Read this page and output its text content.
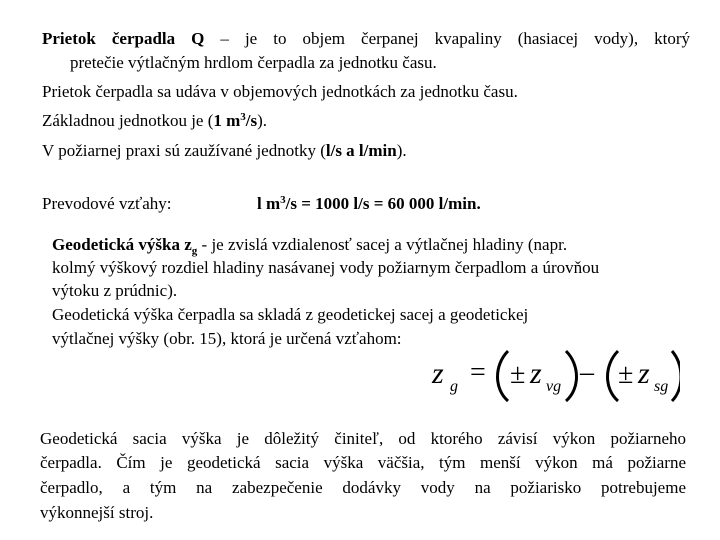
Prietok čerpadla Q – je to objem čerpanej kvapaliny (hasiacej vody), ktorý
pretečie výtlačným hrdlom čerpadla za jednotku času.
Prietok čerpadla sa udáva v objemových jednotkách za jednotku času.
Základnou jednotkou je (1 $m^3/s$).
V požiarnej praxi sú zaužívané jednotky (l/s a l/min).
Prevodové vzťahy:	l $m^3/s = 1000$ l/s = 60 000 l/min.
Geodetická výška $z_g$ - je zvislá vzdialenosť sacej a výtlačnej hladiny (napr.
kolmý výškový rozdiel hladiny nasávanej vody požiarnym čerpadlom a úrovňou
výtoku z prúdnic).
Geodetická výška čerpadla sa skladá z geodetickej sacej a geodetickej
výtlačnej výšky (obr. 15), ktorá je určená vzťahom:
z g = ± z vg – ± z sg
Geodetická sacia výška je dôležitý činiteľ, od ktorého závisí výkon požiarneho
čerpadla. Čím je geodetická sacia výška väčšia, tým menší výkon má požiarne
čerpadlo, a tým na zabezpečenie dodávky vody na požiarisko potrebujeme
výkonnejší stroj.
